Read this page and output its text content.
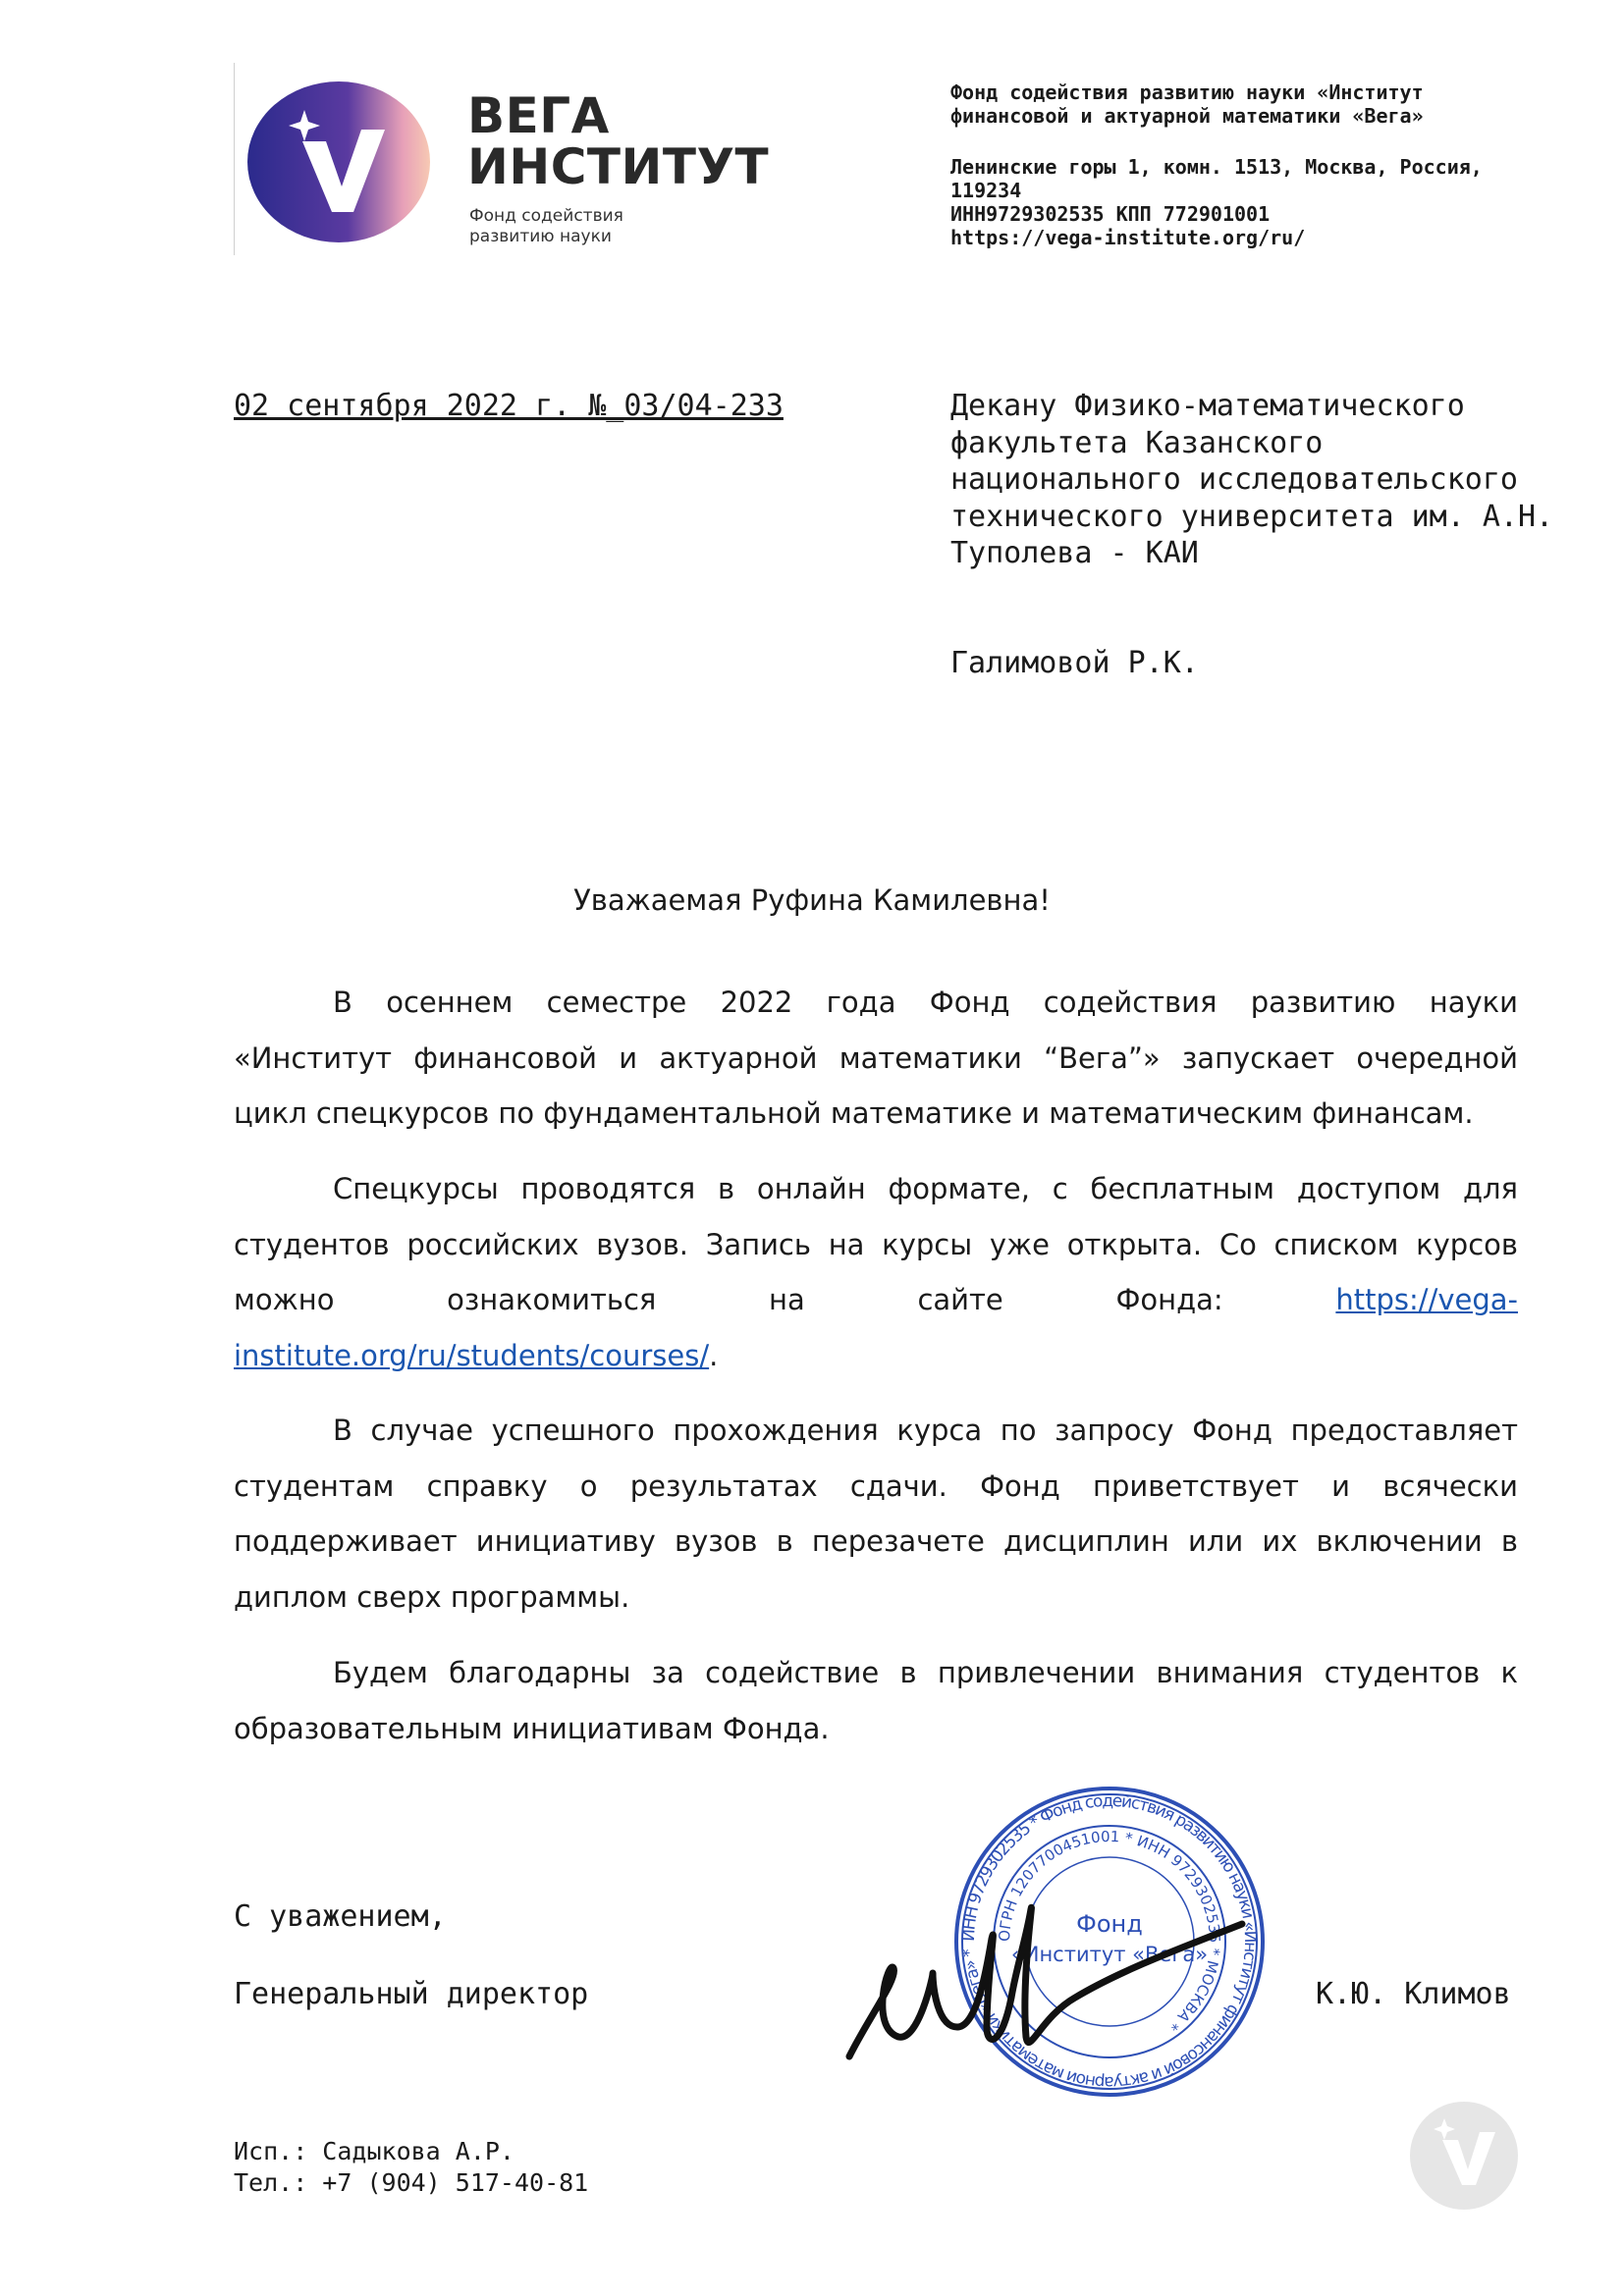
ВЕГА
ИНСТИТУТ
Фонд содействия
развитию науки
Фонд содействия развитию науки «Институт
финансовой и актуарной математики «Вега»
Ленинские горы 1, комн. 1513, Москва, Россия,
119234
ИНН9729302535 КПП 772901001
https://vega-institute.org/ru/
02 сентября 2022 г. №_03/04-233	Декану Физико-математического
факультета Казанского
национального исследовательского
технического университета им. А.Н.
Туполева - КАИ
Галимовой Р.К.
Уважаемая Руфина Камилевна!
В осеннем семестре 2022 года Фонд содействия развитию науки
«Институт финансовой и актуарной математики “Вега”» запускает очередной
цикл спецкурсов по фундаментальной математике и математическим финансам.
Спецкурсы проводятся в онлайн формате, с бесплатным доступом для
студентов российских вузов. Запись на курсы уже открыта. Со списком курсов
можно ознакомиться на сайте Фонда:	https://vega-
institute.org/ru/students/courses/.
В случае успешного прохождения курса по запросу Фонд предоставляет
студентам справку о результатах сдачи. Фонд приветствует и всячески
поддерживает инициативу вузов в перезачете дисциплин или их включении в
диплом сверх программы.
Будем благодарны за содействие в привлечении внимания студентов к
образовательным инициативам Фонда.
С уважением,
Генеральный директор
ИНН 9729302535 * Фонд содействия развитию науки «Институт финансовой и актуарной математики «Вега» *
ОГРН 1207700451001 * ИНН 9729302535 * МОСКВА *
Фонд
«Институт «Вега»
К.Ю. Климов
Исп.: Садыкова А.Р.
Тел.: +7 (904) 517-40-81
